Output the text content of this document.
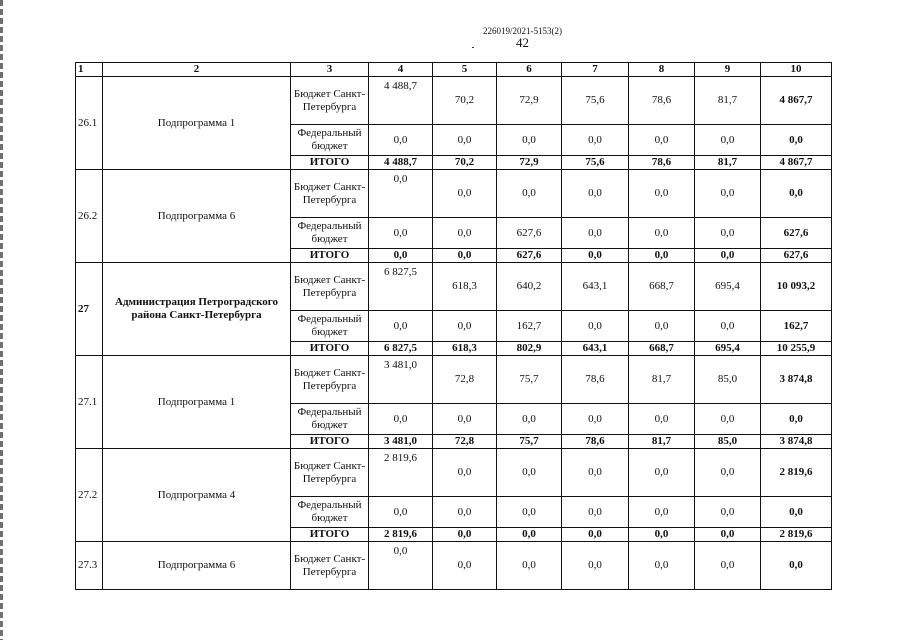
226019/2021-5153(2)
42
1	2	3	4	5	6	7	8	9	10
26.1	Подпрограмма 1	Бюджет Санкт-Петербурга	4 488,7	70,2	72,9	75,6	78,6	81,7	4 867,7
		Федеральный бюджет	0,0	0,0	0,0	0,0	0,0	0,0	0,0
		ИТОГО	4 488,7	70,2	72,9	75,6	78,6	81,7	4 867,7
26.2	Подпрограмма 6	Бюджет Санкт-Петербурга	0,0	0,0	0,0	0,0	0,0	0,0	0,0
		Федеральный бюджет	0,0	0,0	627,6	0,0	0,0	0,0	627,6
		ИТОГО	0,0	0,0	627,6	0,0	0,0	0,0	627,6
27	Администрация Петроградского района Санкт-Петербурга	Бюджет Санкт-Петербурга	6 827,5	618,3	640,2	643,1	668,7	695,4	10 093,2
		Федеральный бюджет	0,0	0,0	162,7	0,0	0,0	0,0	162,7
		ИТОГО	6 827,5	618,3	802,9	643,1	668,7	695,4	10 255,9
27.1	Подпрограмма 1	Бюджет Санкт-Петербурга	3 481,0	72,8	75,7	78,6	81,7	85,0	3 874,8
		Федеральный бюджет	0,0	0,0	0,0	0,0	0,0	0,0	0,0
		ИТОГО	3 481,0	72,8	75,7	78,6	81,7	85,0	3 874,8
27.2	Подпрограмма 4	Бюджет Санкт-Петербурга	2 819,6	0,0	0,0	0,0	0,0	0,0	2 819,6
		Федеральный бюджет	0,0	0,0	0,0	0,0	0,0	0,0	0,0
		ИТОГО	2 819,6	0,0	0,0	0,0	0,0	0,0	2 819,6
27.3	Подпрограмма 6	Бюджет Санкт-Петербурга	0,0	0,0	0,0	0,0	0,0	0,0	0,0
